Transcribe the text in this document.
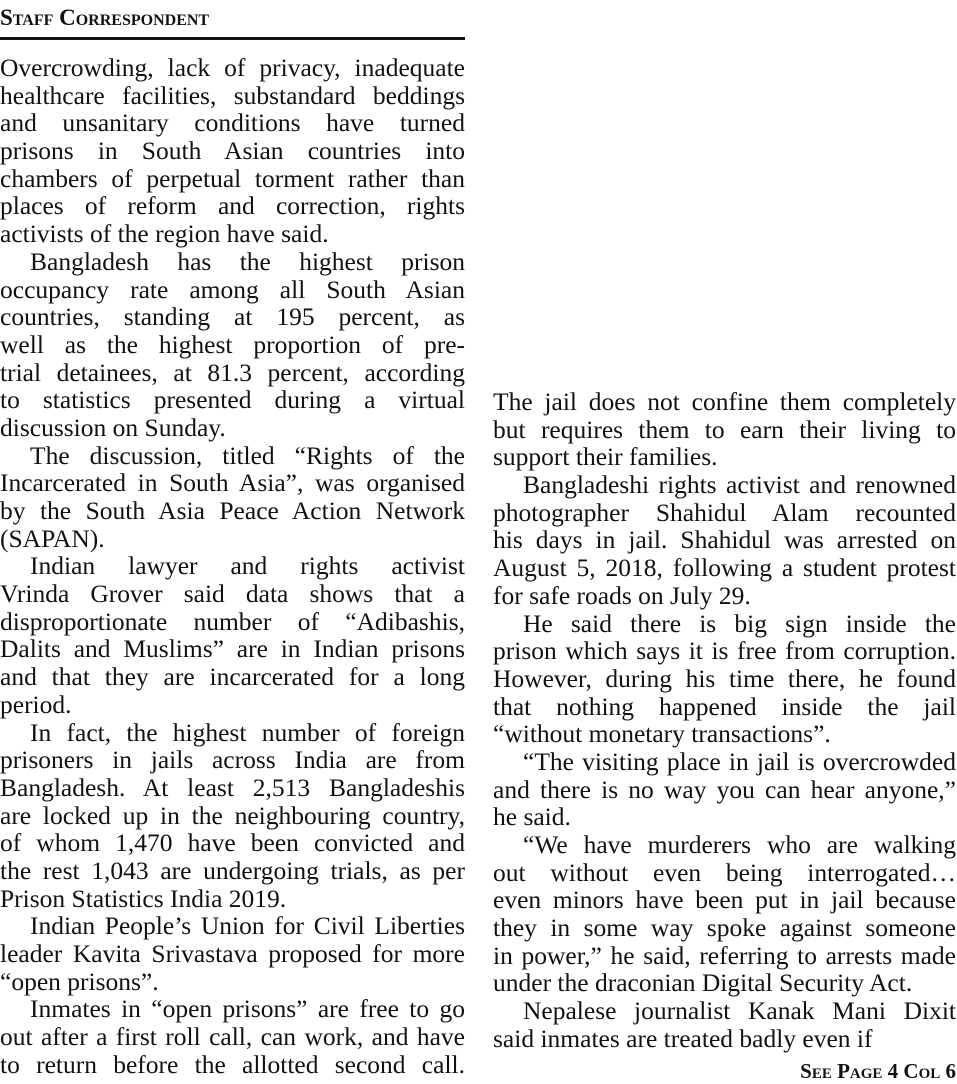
Staff Correspondent
Overcrowding, lack of privacy, inadequate
healthcare facilities, substandard beddings
and unsanitary conditions have turned
prisons in South Asian countries into
chambers of perpetual torment rather than
places of reform and correction, rights
activists of the region have said.
Bangladesh has the highest prison
occupancy rate among all South Asian
countries, standing at 195 percent, as
well as the highest proportion of pre-
trial detainees, at 81.3 percent, according
to statistics presented during a virtual
discussion on Sunday.
The discussion, titled “Rights of the
Incarcerated in South Asia”, was organised
by the South Asia Peace Action Network
(SAPAN).
Indian lawyer and rights activist
Vrinda Grover said data shows that a
disproportionate number of “Adibashis,
Dalits and Muslims” are in Indian prisons
and that they are incarcerated for a long
period.
In fact, the highest number of foreign
prisoners in jails across India are from
Bangladesh. At least 2,513 Bangladeshis
are locked up in the neighbouring country,
of whom 1,470 have been convicted and
the rest 1,043 are undergoing trials, as per
Prison Statistics India 2019.
Indian People’s Union for Civil Liberties
leader Kavita Srivastava proposed for more
“open prisons”.
Inmates in “open prisons” are free to go
out after a first roll call, can work, and have
to return before the allotted second call.
The jail does not confine them completely
but requires them to earn their living to
support their families.
Bangladeshi rights activist and renowned
photographer Shahidul Alam recounted
his days in jail. Shahidul was arrested on
August 5, 2018, following a student protest
for safe roads on July 29.
He said there is big sign inside the
prison which says it is free from corruption.
However, during his time there, he found
that nothing happened inside the jail
“without monetary transactions”.
“The visiting place in jail is overcrowded
and there is no way you can hear anyone,”
he said.
“We have murderers who are walking
out without even being interrogated…
even minors have been put in jail because
they in some way spoke against someone
in power,” he said, referring to arrests made
under the draconian Digital Security Act.
Nepalese journalist Kanak Mani Dixit
said inmates are treated badly even if
See Page 4 Col 6
